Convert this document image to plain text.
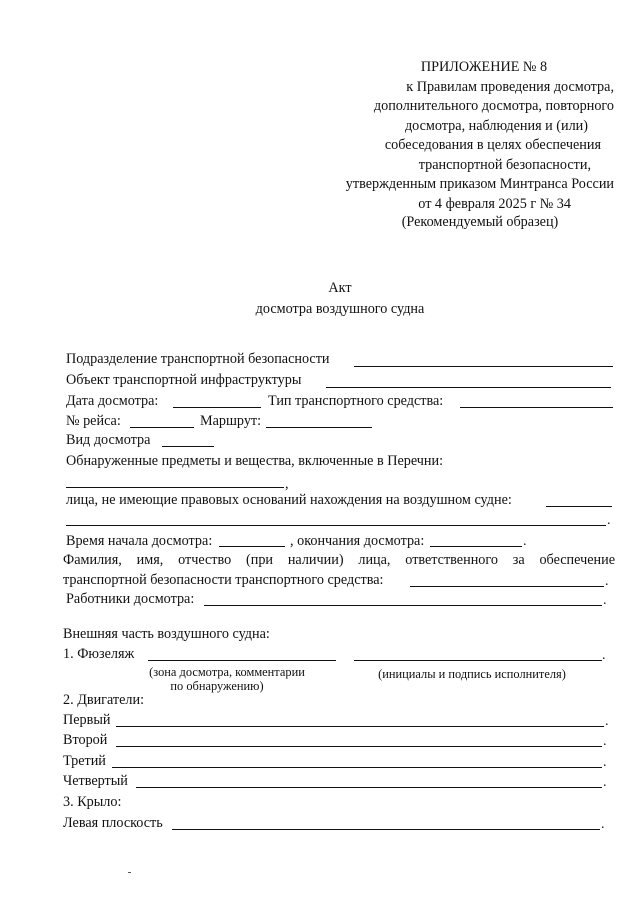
ПРИЛОЖЕНИЕ № 8
к Правилам проведения досмотра,
дополнительного досмотра, повторного
досмотра, наблюдения и (или)
собеседования в целях обеспечения
транспортной безопасности,
утвержденным приказом Минтранса России
от 4 февраля 2025 г № 34
(Рекомендуемый образец)
Акт
досмотра воздушного судна
Подразделение транспортной безопасности
Объект транспортной инфраструктуры
Дата досмотра:	Тип транспортного средства:
№ рейса:	Маршрут:
Вид досмотра
Обнаруженные предметы и вещества, включенные в Перечни:
,
лица, не имеющие правовых оснований нахождения на воздушном судне:
.
Время начала досмотра:	, окончания досмотра:	.
Фамилия, имя, отчество (при наличии) лица, ответственного за обеспечение
транспортной безопасности транспортного средства:	.
Работники досмотра:	.
Внешняя часть воздушного судна:
1. Фюзеляж	.
(зона досмотра, комментарии
по обнаружению)
(инициалы и подпись исполнителя)
2. Двигатели:
Первый	.
Второй	.
Третий	.
Четвертый	.
3. Крыло:
Левая плоскость	.
